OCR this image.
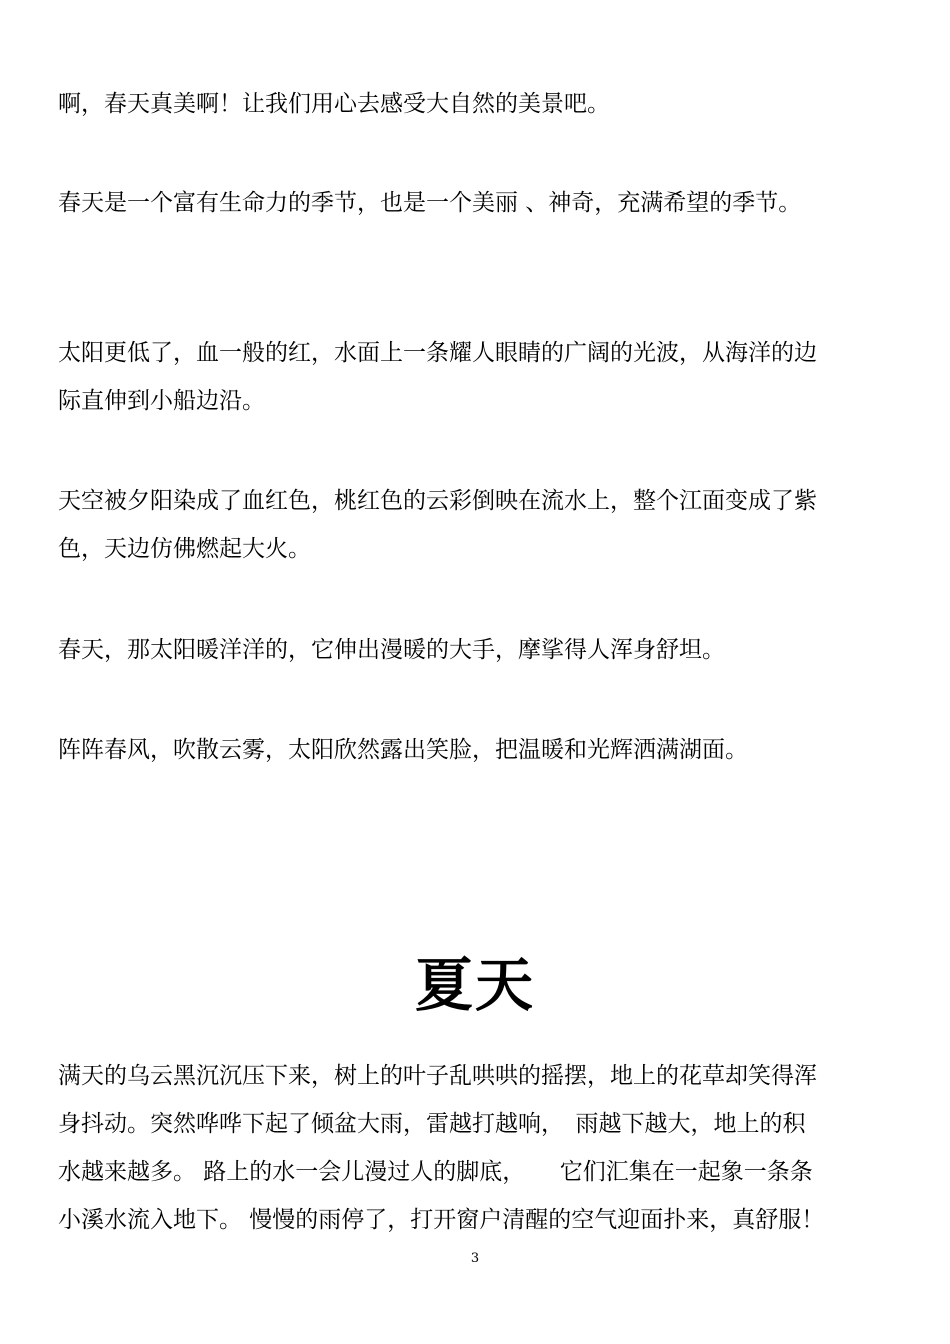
啊，春天真美啊！让我们用心去感受大自然的美景吧。

春天是一个富有生命力的季节，也是一个美丽 、神奇，充满希望的季节。

太阳更低了，血一般的红，水面上一条耀人眼睛的广阔的光波，从海洋的边
际直伸到小船边沿。

天空被夕阳染成了血红色，桃红色的云彩倒映在流水上，整个江面变成了紫
色，天边仿佛燃起大火。

春天，那太阳暖洋洋的，它伸出漫暖的大手，摩挲得人浑身舒坦。

阵阵春风，吹散云雾，太阳欣然露出笑脸，把温暖和光辉洒满湖面。

夏天

满天的乌云黑沉沉压下来，树上的叶子乱哄哄的摇摆，地上的花草却笑得浑
身抖动。突然哗哗下起了倾盆大雨，雷越打越响，　雨越下越大，地上的积
水越来越多。 路上的水一会儿漫过人的脚底，　　它们汇集在一起象一条条
小溪水流入地下。 慢慢的雨停了，打开窗户清醒的空气迎面扑来，真舒服！

3
